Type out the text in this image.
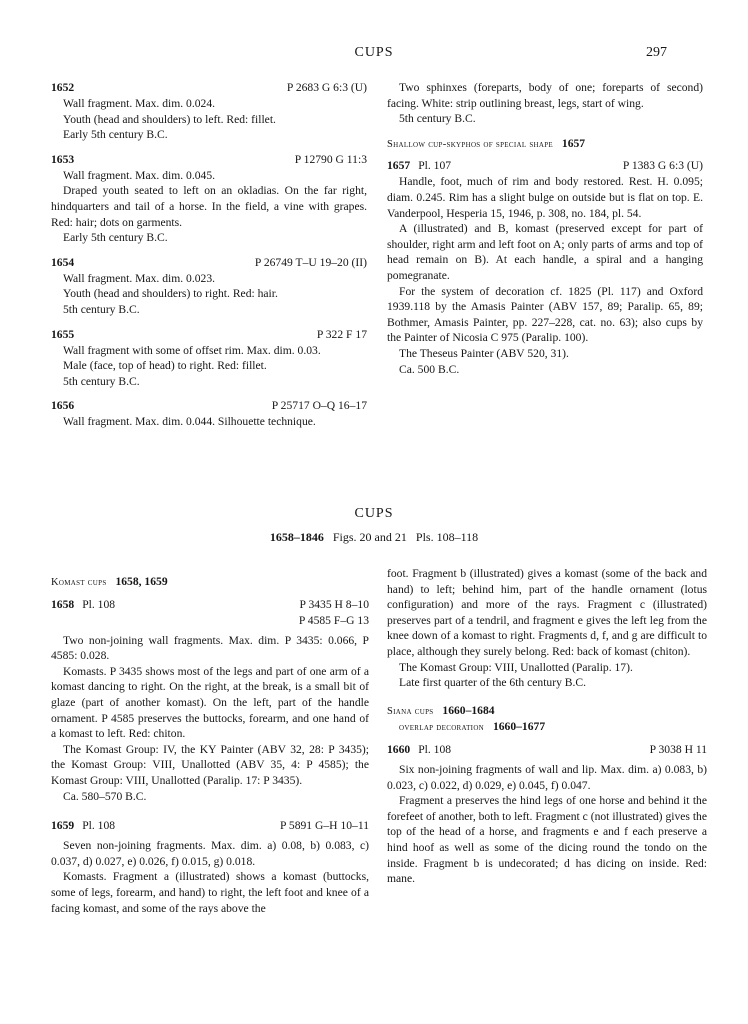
CUPS	297
1652	P 2683 G 6:3 (U)

Wall fragment. Max. dim. 0.024.

Youth (head and shoulders) to left. Red: fillet.

Early 5th century B.C.

1653	P 12790 G 11:3

Wall fragment. Max. dim. 0.045.

Draped youth seated to left on an okladias. On the far right, hindquarters and tail of a horse. In the field, a vine with grapes. Red: hair; dots on garments.

Early 5th century B.C.

1654	P 26749 T–U 19–20 (II)

Wall fragment. Max. dim. 0.023.

Youth (head and shoulders) to right. Red: hair.

5th century B.C.

1655	P 322 F 17

Wall fragment with some of offset rim. Max. dim. 0.03.

Male (face, top of head) to right. Red: fillet.

5th century B.C.

1656	P 25717 O–Q 16–17

Wall fragment. Max. dim. 0.044. Silhouette technique.

Two sphinxes (foreparts, body of one; foreparts of second) facing. White: strip outlining breast, legs, start of wing.

5th century B.C.

Shallow cup-skyphos of special shape 1657
1657 Pl. 107	P 1383 G 6:3 (U)

Handle, foot, much of rim and body restored. Rest. H. 0.095; diam. 0.245. Rim has a slight bulge on outside but is flat on top. E. Vanderpool, Hesperia 15, 1946, p. 308, no. 184, pl. 54.

A (illustrated) and B, komast (preserved except for part of shoulder, right arm and left foot on A; only parts of arms and top of head remain on B). At each handle, a spiral and a hanging pomegranate.

For the system of decoration cf. 1825 (Pl. 117) and Oxford 1939.118 by the Amasis Painter (ABV 157, 89; Paralip. 65, 89; Bothmer, Amasis Painter, pp. 227–228, cat. no. 63); also cups by the Painter of Nicosia C 975 (Paralip. 100).

The Theseus Painter (ABV 520, 31).

Ca. 500 B.C.

CUPS
1658–1846 Figs. 20 and 21 Pls. 108–118
Komast cups 1658, 1659
1658 Pl. 108	P 3435 H 8–10
P 4585 F–G 13

Two non-joining wall fragments. Max. dim. P 3435: 0.066, P 4585: 0.028.

Komasts. P 3435 shows most of the legs and part of one arm of a komast dancing to right. On the right, at the break, is a small bit of glaze (part of another komast). On the left, part of the handle ornament. P 4585 preserves the buttocks, forearm, and one hand of a komast to left. Red: chiton.

The Komast Group: IV, the KY Painter (ABV 32, 28: P 3435); the Komast Group: VIII, Unallotted (ABV 35, 4: P 4585); the Komast Group: VIII, Unallotted (Paralip. 17: P 3435).

Ca. 580–570 B.C.

1659 Pl. 108	P 5891 G–H 10–11

Seven non-joining fragments. Max. dim. a) 0.08, b) 0.083, c) 0.037, d) 0.027, e) 0.026, f) 0.015, g) 0.018.

Komasts. Fragment a (illustrated) shows a komast (buttocks, some of legs, forearm, and hand) to right, the left foot and knee of a facing komast, and some of the rays above the

foot. Fragment b (illustrated) gives a komast (some of the back and hand) to left; behind him, part of the handle ornament (lotus configuration) and more of the rays. Fragment c (illustrated) preserves part of a tendril, and fragment e gives the left leg from the knee down of a komast to right. Fragments d, f, and g are difficult to place, although they surely belong. Red: back of komast (chiton).

The Komast Group: VIII, Unallotted (Paralip. 17).

Late first quarter of the 6th century B.C.

Siana cups 1660–1684
overlap decoration 1660–1677
1660 Pl. 108	P 3038 H 11

Six non-joining fragments of wall and lip. Max. dim. a) 0.083, b) 0.023, c) 0.022, d) 0.029, e) 0.045, f) 0.047.

Fragment a preserves the hind legs of one horse and behind it the forefeet of another, both to left. Fragment c (not illustrated) gives the top of the head of a horse, and fragments e and f each preserve a hind hoof as well as some of the dicing round the tondo on the inside. Fragment b is undecorated; d has dicing on inside. Red: mane.
